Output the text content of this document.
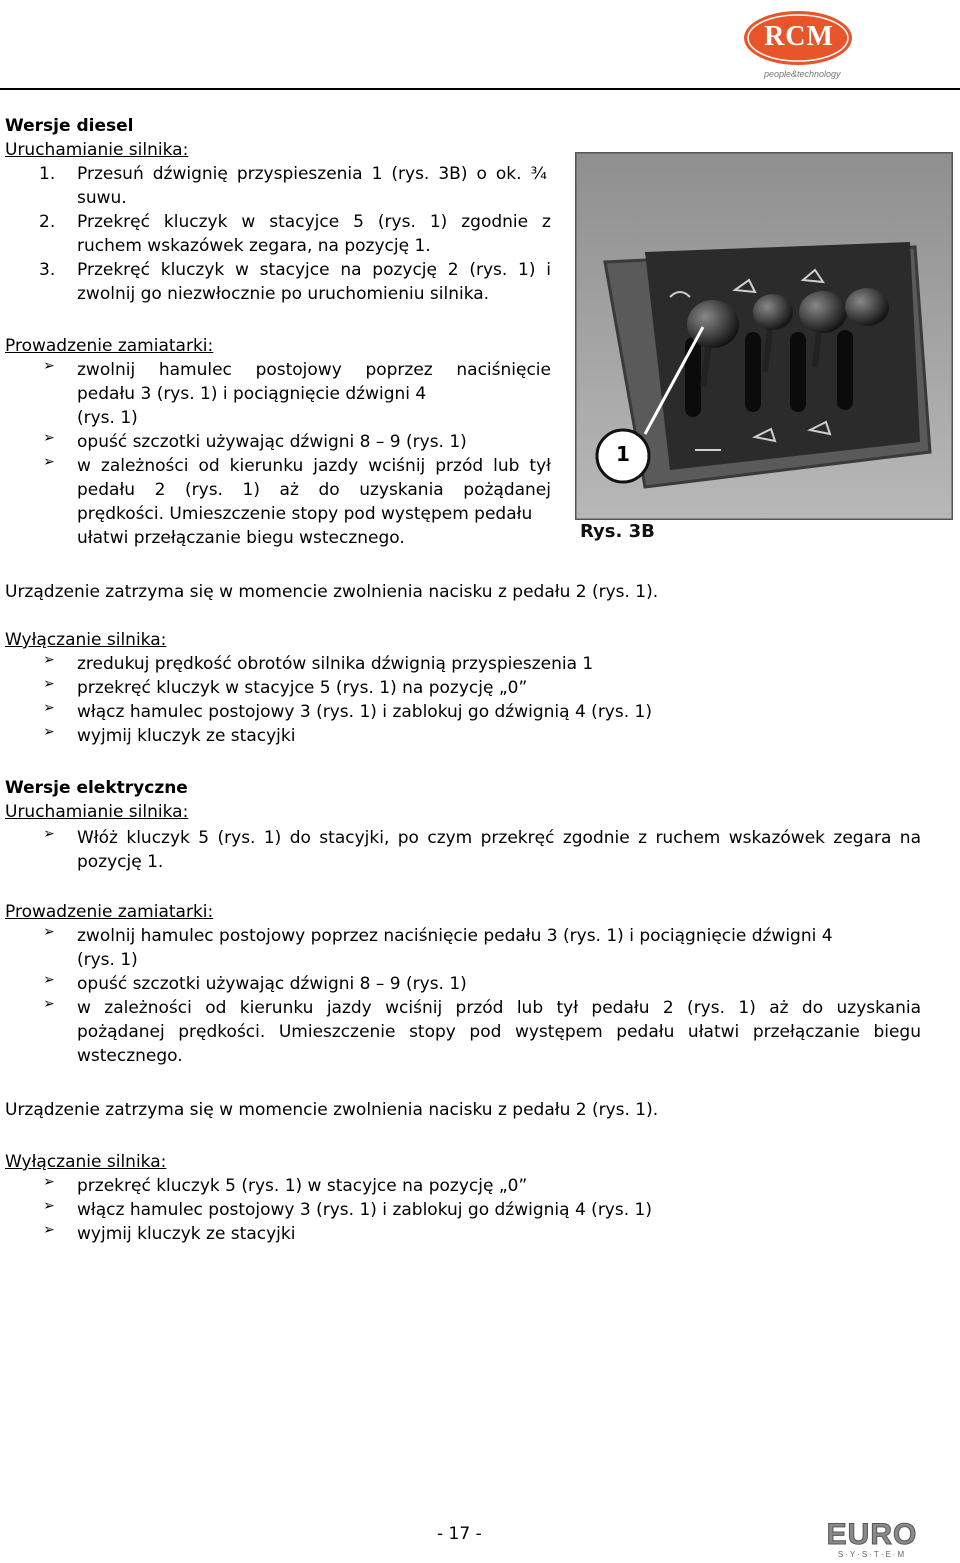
RCM
people&technology
Wersje diesel
Uruchamianie silnika:
1. Przesuń dźwignię przyspieszenia 1 (rys. 3B) o ok. ¾
suwu.
2. Przekręć kluczyk w stacyjce 5 (rys. 1) zgodnie z
ruchem wskazówek zegara, na pozycję 1.
3. Przekręć kluczyk w stacyjce na pozycję 2 (rys. 1) i
zwolnij go niezwłocznie po uruchomieniu silnika.
Prowadzenie zamiatarki:
➢ zwolnij hamulec postojowy poprzez naciśnięcie
pedału 3 (rys. 1) i pociągnięcie dźwigni 4
(rys. 1)
➢ opuść szczotki używając dźwigni 8 – 9 (rys. 1)
➢ w zależności od kierunku jazdy wciśnij przód lub tył
pedału 2 (rys. 1) aż do uzyskania pożądanej
prędkości. Umieszczenie stopy pod występem pedału
ułatwi przełączanie biegu wstecznego.
1
Rys. 3B
Urządzenie zatrzyma się w momencie zwolnienia nacisku z pedału 2 (rys. 1).
Wyłączanie silnika:
➢ zredukuj prędkość obrotów silnika dźwignią przyspieszenia 1
➢ przekręć kluczyk w stacyjce 5 (rys. 1) na pozycję „0”
➢ włącz hamulec postojowy 3 (rys. 1) i zablokuj go dźwignią 4 (rys. 1)
➢ wyjmij kluczyk ze stacyjki
Wersje elektryczne
Uruchamianie silnika:
➢ Włóż kluczyk 5 (rys. 1) do stacyjki, po czym przekręć zgodnie z ruchem wskazówek zegara na
pozycję 1.
Prowadzenie zamiatarki:
➢ zwolnij hamulec postojowy poprzez naciśnięcie pedału 3 (rys. 1) i pociągnięcie dźwigni 4
(rys. 1)
➢ opuść szczotki używając dźwigni 8 – 9 (rys. 1)
➢ w zależności od kierunku jazdy wciśnij przód lub tył pedału 2 (rys. 1) aż do uzyskania
pożądanej prędkości. Umieszczenie stopy pod występem pedału ułatwi przełączanie biegu
wstecznego.
Urządzenie zatrzyma się w momencie zwolnienia nacisku z pedału 2 (rys. 1).
Wyłączanie silnika:
➢ przekręć kluczyk 5 (rys. 1) w stacyjce na pozycję „0”
➢ włącz hamulec postojowy 3 (rys. 1) i zablokuj go dźwignią 4 (rys. 1)
➢ wyjmij kluczyk ze stacyjki
- 17 -	EURO
S·Y·S·T·E·M
